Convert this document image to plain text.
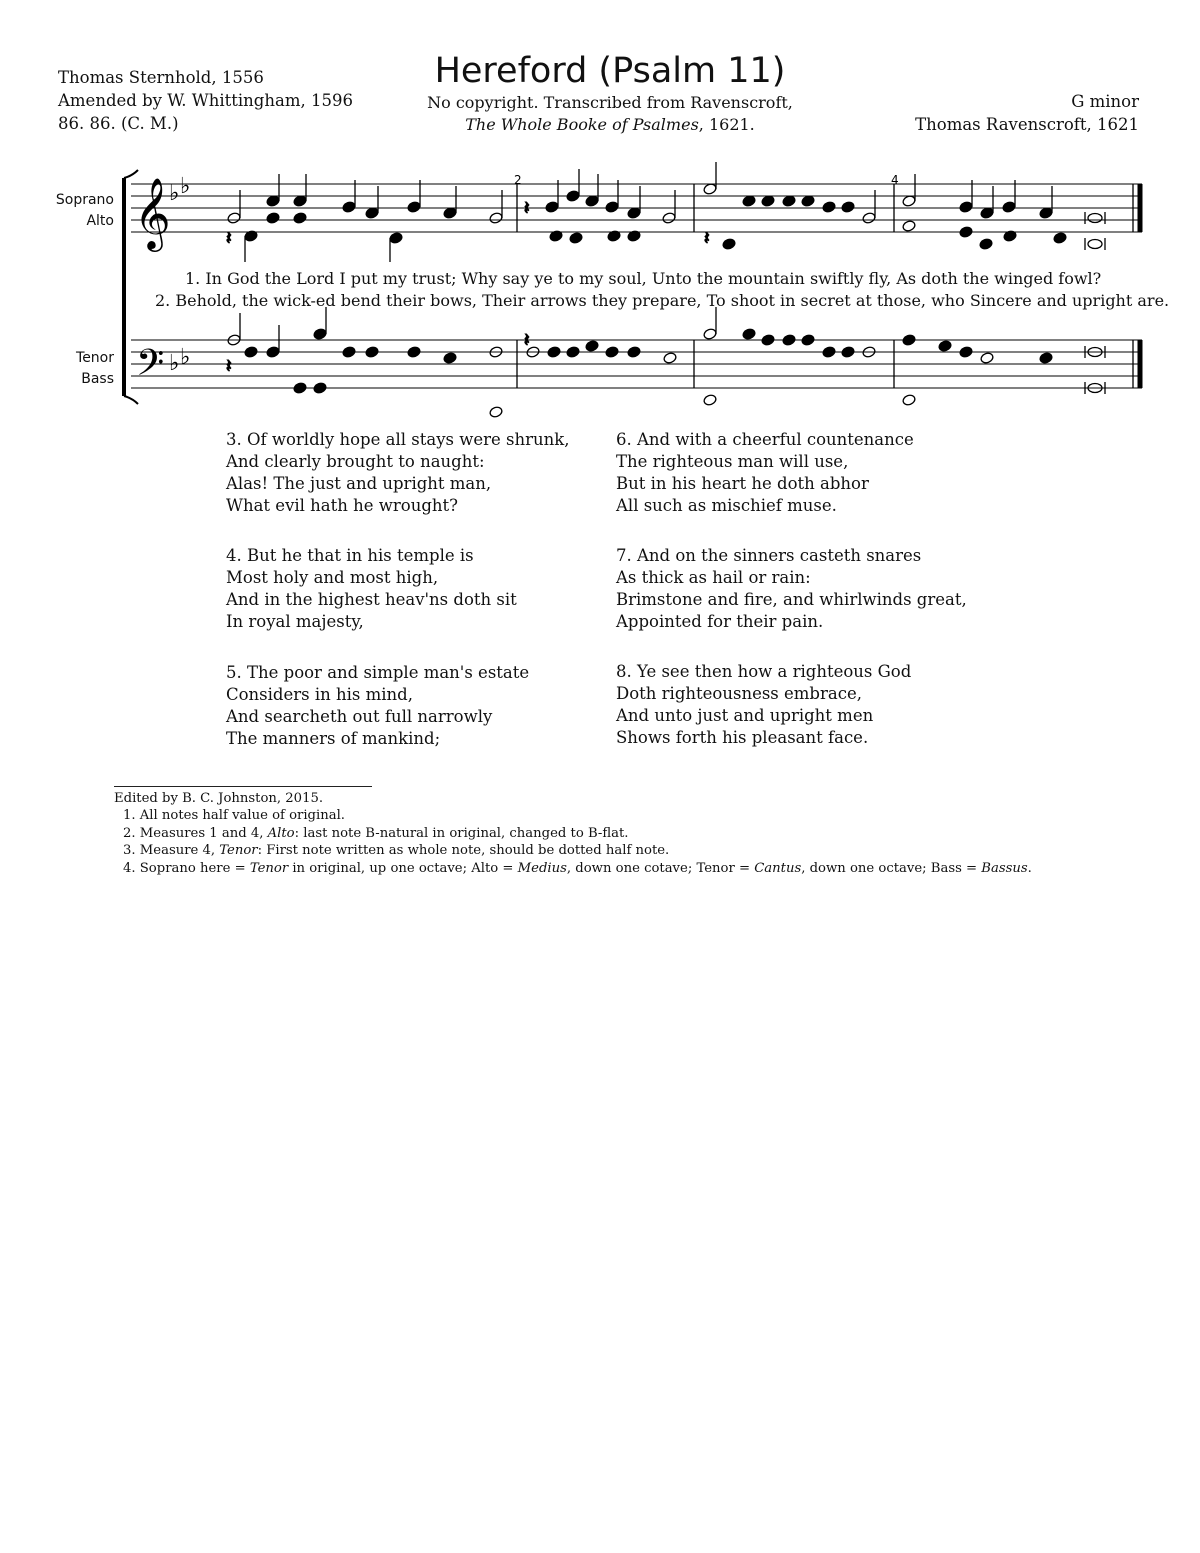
Thomas Sternhold, 1556
Amended by W. Whittingham, 1596
86. 86. (C. M.)
Hereford (Psalm 11)
No copyright. Transcribed from Ravenscroft,
The Whole Booke of Psalmes, 1621.
G minor
Thomas Ravenscroft, 1621
Soprano
Alto
Tenor
Bass
𝄞
𝄢
♭ ♭
♭ ♭
2	4
𝄽
𝄽
𝄽
𝄽
𝄽
1. In God the Lord I put my trust; Why say ye to my soul, Unto the mountain swiftly fly, As doth the winged fowl?
2. Behold, the wick-ed bend their bows, Their arrows they prepare, To shoot in secret at those, who Sincere and upright are.
3. Of worldly hope all stays were shrunk,
And clearly brought to naught:
Alas! The just and upright man,
What evil hath he wrought?
4. But he that in his temple is
Most holy and most high,
And in the highest heav'ns doth sit
In royal majesty,
5. The poor and simple man's estate
Considers in his mind,
And searcheth out full narrowly
The manners of mankind;
6. And with a cheerful countenance
The righteous man will use,
But in his heart he doth abhor
All such as mischief muse.
7. And on the sinners casteth snares
As thick as hail or rain:
Brimstone and fire, and whirlwinds great,
Appointed for their pain.
8. Ye see then how a righteous God
Doth righteousness embrace,
And unto just and upright men
Shows forth his pleasant face.
Edited by B. C. Johnston, 2015.
1. All notes half value of original.
2. Measures 1 and 4, Alto: last note B-natural in original, changed to B-flat.
3. Measure 4, Tenor: First note written as whole note, should be dotted half note.
4. Soprano here = Tenor in original, up one octave; Alto = Medius, down one cotave; Tenor = Cantus, down one octave; Bass = Bassus.
